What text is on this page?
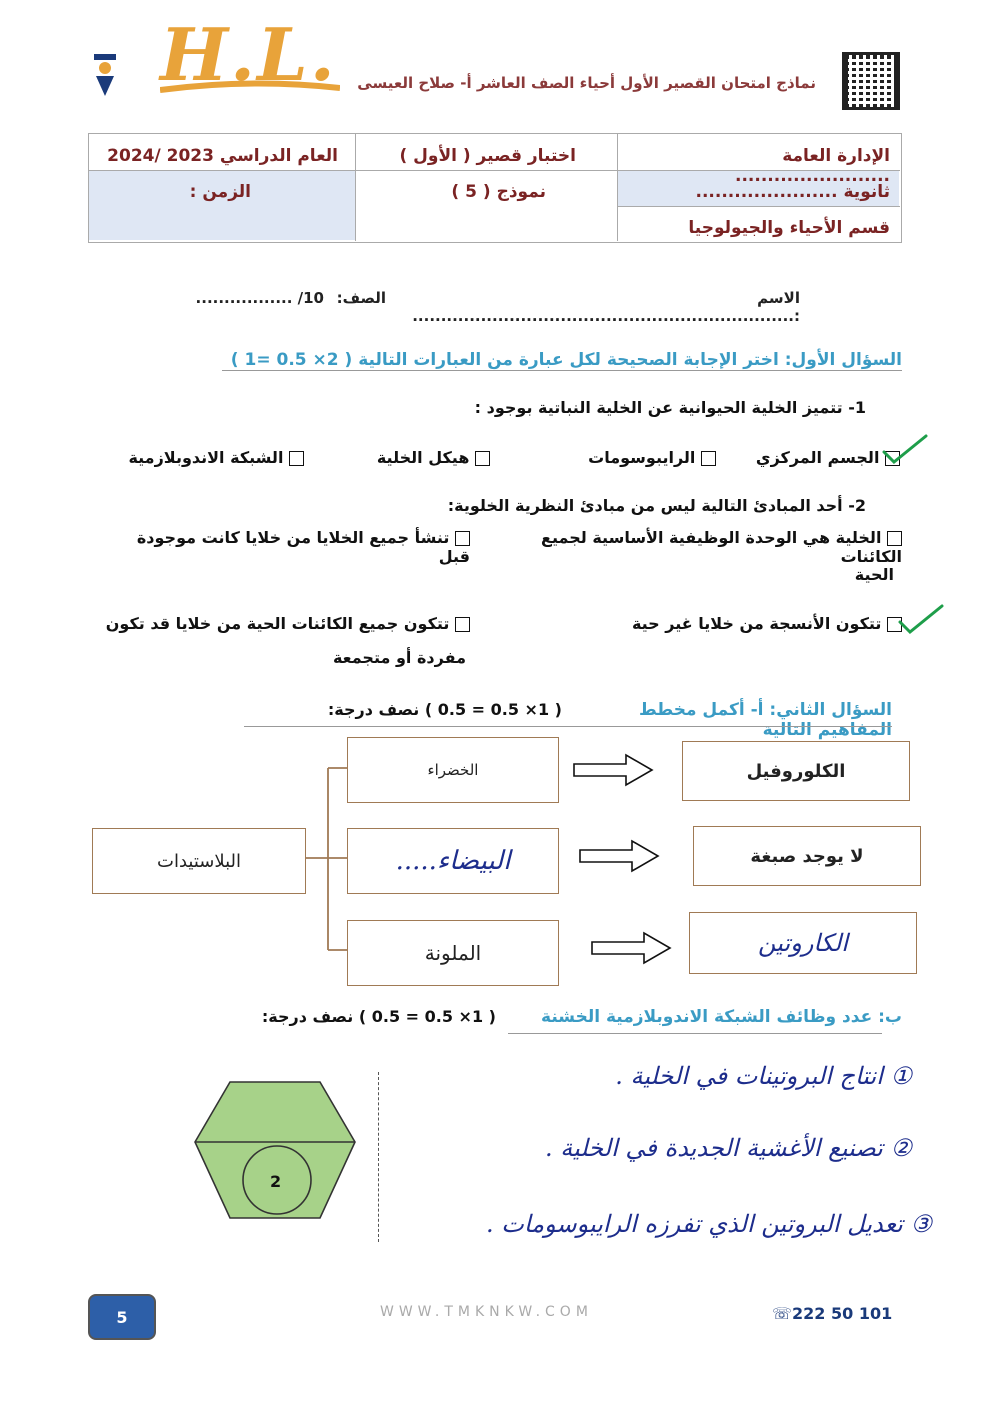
H.L. نماذج امتحان القصير الأول أحياء الصف العاشر أ- صلاح العيسى
الإدارة العامة ........................
ثانوية ......................
قسم الأحياء والجيولوجيا
اختبار قصير ( الأول )
نموذج ( 5 )
العام الدراسي 2023 /2024
الزمن :
الاسم :...................................................................
الصف:
10/ .................
السؤال الأول: اختر الإجابة الصحيحة لكل عبارة من العبارات التالية ( 2× 0.5 =1 )
1- تتميز الخلية الحيوانية عن الخلية النباتية بوجود :
الجسم المركزي
الرايبوسومات
هيكل الخلية
الشبكة الاندوبلازمية
2- أحد المبادئ التالية ليس من مبادئ النظرية الخلوية:
الخلية هي الوحدة الوظيفية الأساسية لجميع الكائنات
الحية
تنشأ جميع الخلايا من خلايا كانت موجودة قبل
تتكون الأنسجة من خلايا غير حية
تتكون جميع الكائنات الحية من خلايا قد تكون
مفردة أو متجمعة
السؤال الثاني: أ- أكمل مخطط المفاهيم التالية
( 1× 0.5 = 0.5 ) نصف درجة:
البلاستيدات
الخضراء
..... البيضاء
الملونة
الكلوروفيل
لا يوجد صبغة
الكاروتين
ب: عدد وظائف الشبكة الاندوبلازمية الخشنة
( 1× 0.5 = 0.5 ) نصف درجة:
2
① انتاج البروتينات في الخلية .
② تصنيع الأغشية الجديدة في الخلية .
③ تعديل البروتين الذي تفرزه الرايبوسومات .
5	WWW.TMKNKW.COM	☏222 50 101
